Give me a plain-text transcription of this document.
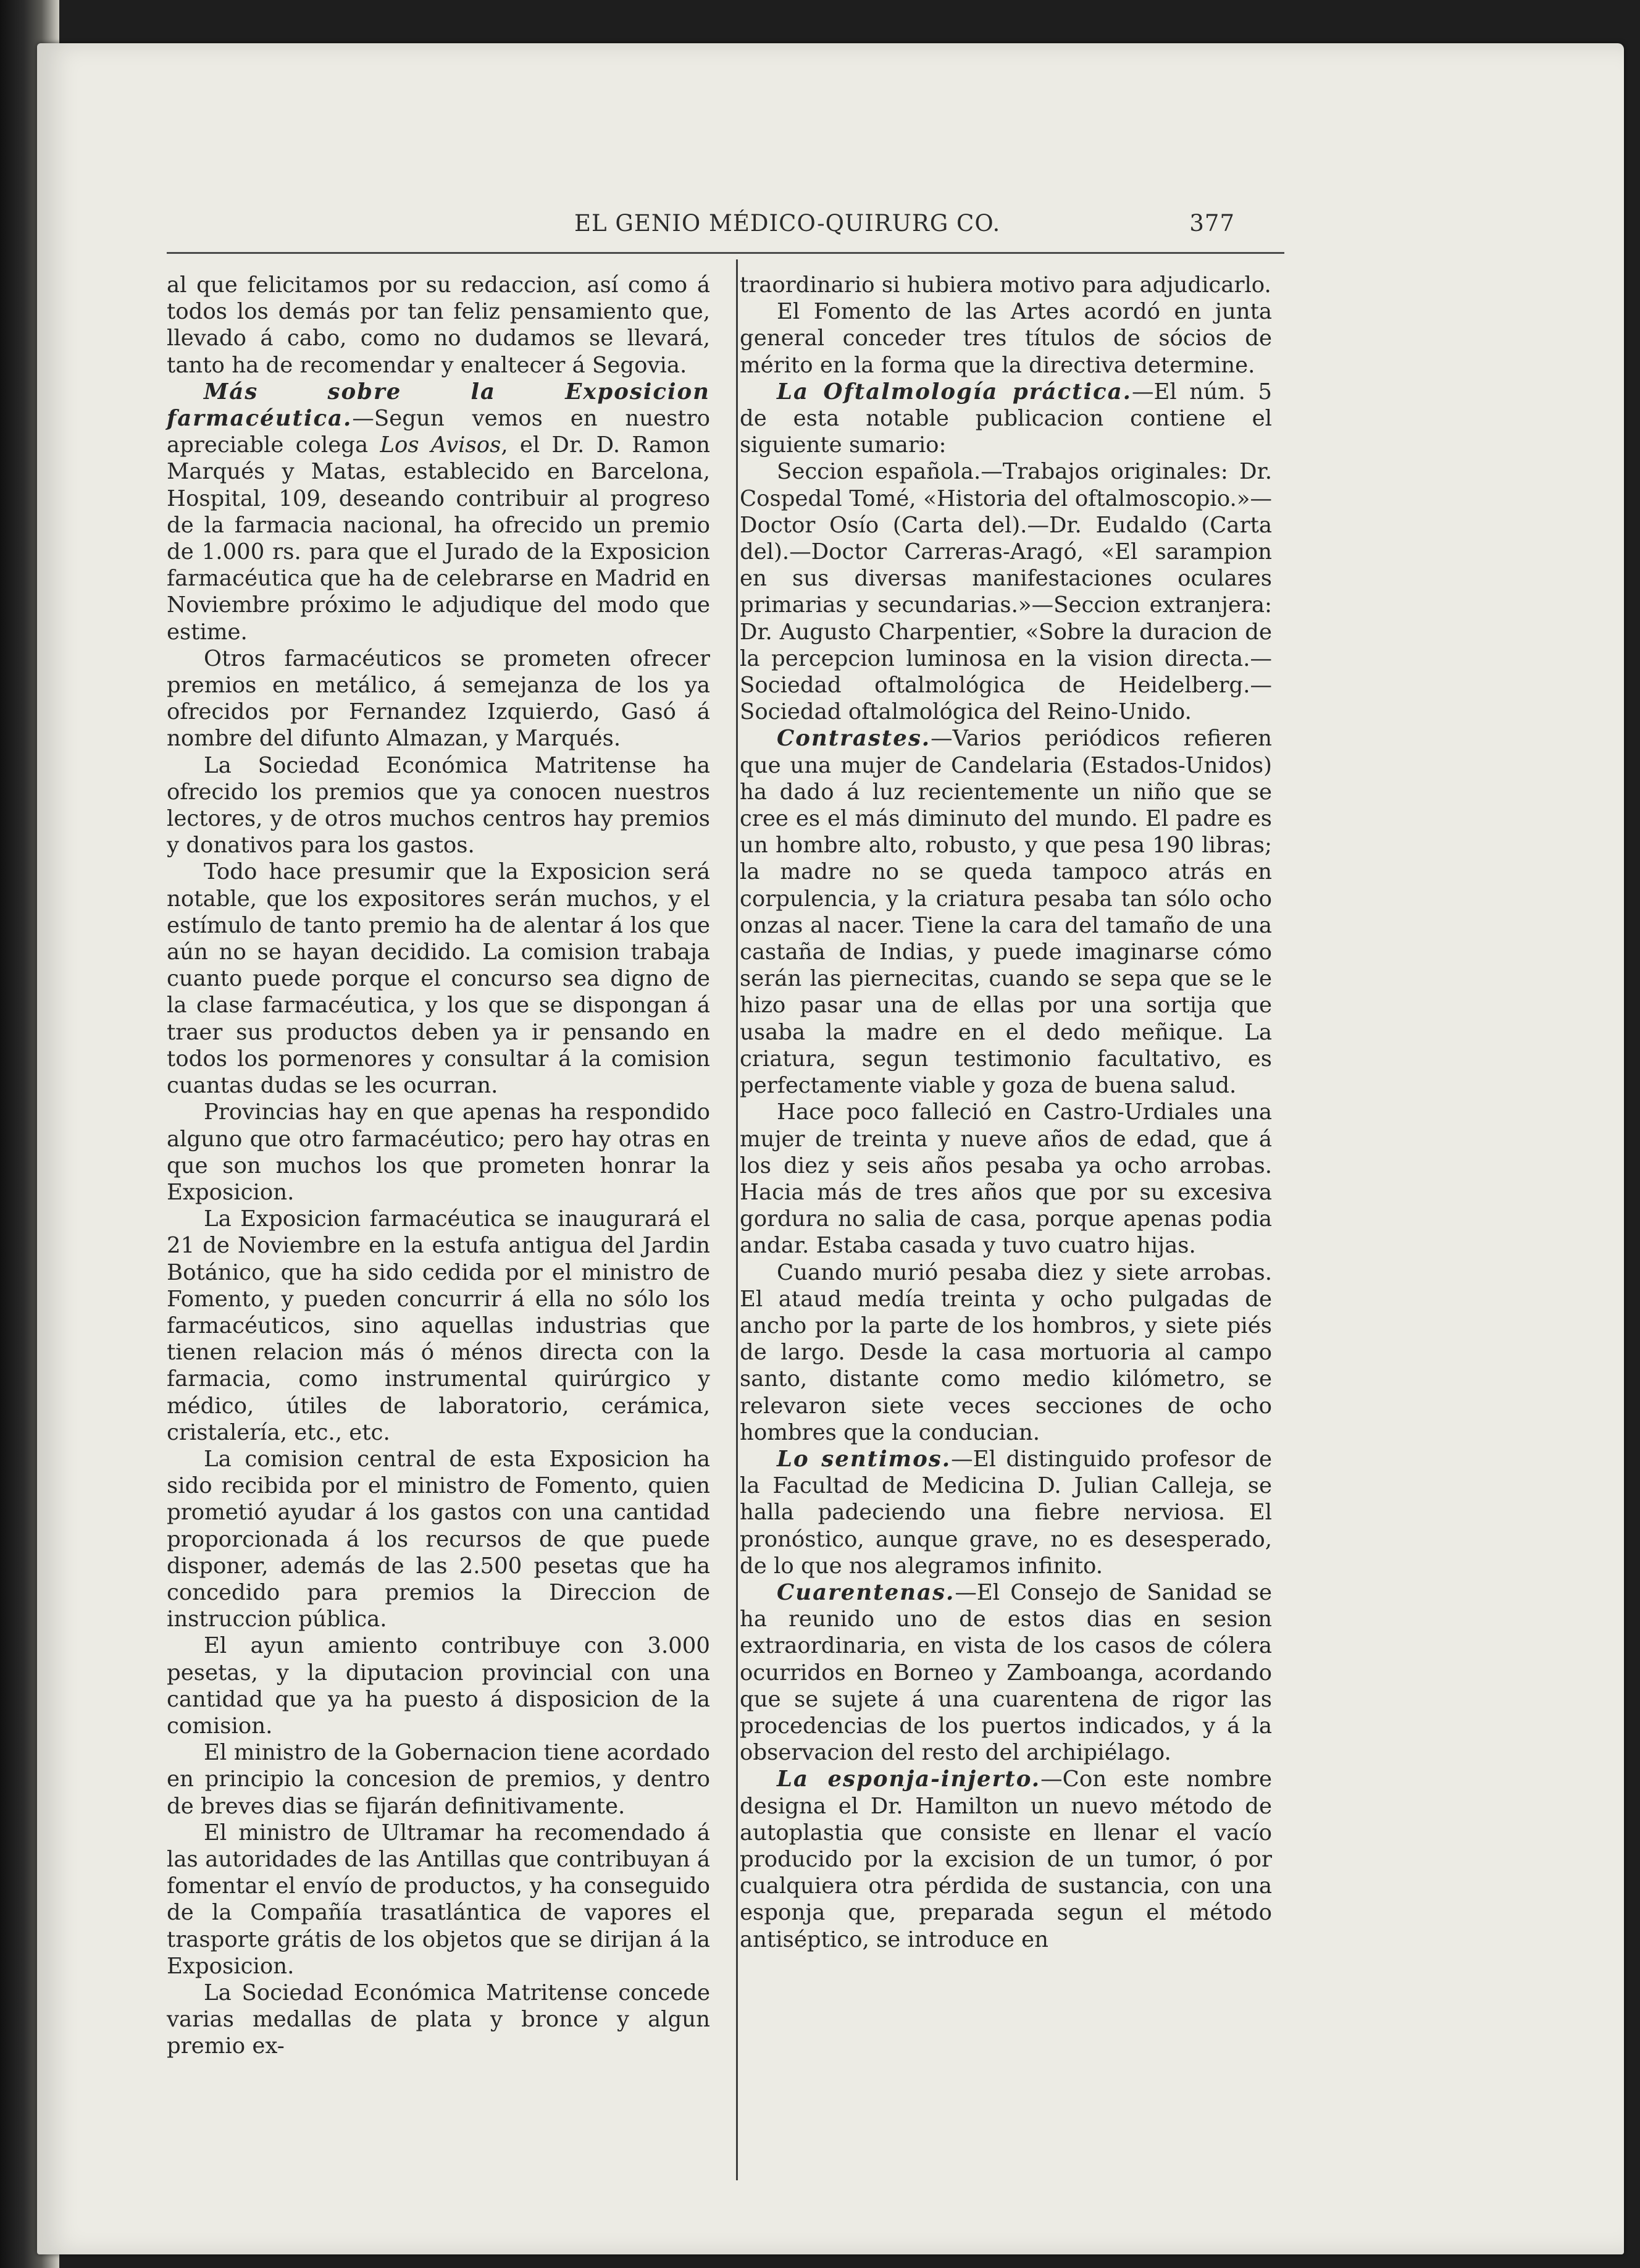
EL GENIO MÉDICO-QUIRURG CO.	377

al que felicitamos por su redaccion, así como á todos los demás por tan feliz pensamiento que, llevado á cabo, como no dudamos se llevará, tanto ha de recomendar y enaltecer á Segovia.

Más sobre la Exposicion farmacéutica.—Segun vemos en nuestro apreciable colega Los Avisos, el Dr. D. Ramon Marqués y Matas, establecido en Barcelona, Hospital, 109, deseando contribuir al progreso de la farmacia nacional, ha ofrecido un premio de 1.000 rs. para que el Jurado de la Exposicion farmacéutica que ha de celebrarse en Madrid en Noviembre próximo le adjudique del modo que estime.

Otros farmacéuticos se prometen ofrecer premios en metálico, á semejanza de los ya ofrecidos por Fernandez Izquierdo, Gasó á nombre del difunto Almazan, y Marqués.

La Sociedad Económica Matritense ha ofrecido los premios que ya conocen nuestros lectores, y de otros muchos centros hay premios y donativos para los gastos.

Todo hace presumir que la Exposicion será notable, que los expositores serán muchos, y el estímulo de tanto premio ha de alentar á los que aún no se hayan decidido. La comision trabaja cuanto puede porque el concurso sea digno de la clase farmacéutica, y los que se dispongan á traer sus productos deben ya ir pensando en todos los pormenores y consultar á la comision cuantas dudas se les ocurran.

Provincias hay en que apenas ha respondido alguno que otro farmacéutico; pero hay otras en que son muchos los que prometen honrar la Exposicion.

La Exposicion farmacéutica se inaugurará el 21 de Noviembre en la estufa antigua del Jardin Botánico, que ha sido cedida por el ministro de Fomento, y pueden concurrir á ella no sólo los farmacéuticos, sino aquellas industrias que tienen relacion más ó ménos directa con la farmacia, como instrumental quirúrgico y médico, útiles de laboratorio, cerámica, cristalería, etc., etc.

La comision central de esta Exposicion ha sido recibida por el ministro de Fomento, quien prometió ayudar á los gastos con una cantidad proporcionada á los recursos de que puede disponer, además de las 2.500 pesetas que ha concedido para premios la Direccion de instruccion pública.

El ayun amiento contribuye con 3.000 pesetas, y la diputacion provincial con una cantidad que ya ha puesto á disposicion de la comision.

El ministro de la Gobernacion tiene acordado en principio la concesion de premios, y dentro de breves dias se fijarán definitivamente.

El ministro de Ultramar ha recomendado á las autoridades de las Antillas que contribuyan á fomentar el envío de productos, y ha conseguido de la Compañía trasatlántica de vapores el trasporte grátis de los objetos que se dirijan á la Exposicion.

La Sociedad Económica Matritense concede varias medallas de plata y bronce y algun premio ex-

traordinario si hubiera motivo para adjudicarlo.

El Fomento de las Artes acordó en junta general conceder tres títulos de sócios de mérito en la forma que la directiva determine.

La Oftalmología práctica.—El núm. 5 de esta notable publicacion contiene el siguiente sumario:

Seccion española.—Trabajos originales: Dr. Cospedal Tomé, «Historia del oftalmoscopio.»—Doctor Osío (Carta del).—Dr. Eudaldo (Carta del).—Doctor Carreras-Aragó, «El sarampion en sus diversas manifestaciones oculares primarias y secundarias.»—Seccion extranjera: Dr. Augusto Charpentier, «Sobre la duracion de la percepcion luminosa en la vision directa.—Sociedad oftalmológica de Heidelberg.—Sociedad oftalmológica del Reino-Unido.

Contrastes.—Varios periódicos refieren que una mujer de Candelaria (Estados-Unidos) ha dado á luz recientemente un niño que se cree es el más diminuto del mundo. El padre es un hombre alto, robusto, y que pesa 190 libras; la madre no se queda tampoco atrás en corpulencia, y la criatura pesaba tan sólo ocho onzas al nacer. Tiene la cara del tamaño de una castaña de Indias, y puede imaginarse cómo serán las piernecitas, cuando se sepa que se le hizo pasar una de ellas por una sortija que usaba la madre en el dedo meñique. La criatura, segun testimonio facultativo, es perfectamente viable y goza de buena salud.

Hace poco falleció en Castro-Urdiales una mujer de treinta y nueve años de edad, que á los diez y seis años pesaba ya ocho arrobas. Hacia más de tres años que por su excesiva gordura no salia de casa, porque apenas podia andar. Estaba casada y tuvo cuatro hijas.

Cuando murió pesaba diez y siete arrobas. El ataud medía treinta y ocho pulgadas de ancho por la parte de los hombros, y siete piés de largo. Desde la casa mortuoria al campo santo, distante como medio kilómetro, se relevaron siete veces secciones de ocho hombres que la conducian.

Lo sentimos.—El distinguido profesor de la Facultad de Medicina D. Julian Calleja, se halla padeciendo una fiebre nerviosa. El pronóstico, aunque grave, no es desesperado, de lo que nos alegramos infinito.

Cuarentenas.—El Consejo de Sanidad se ha reunido uno de estos dias en sesion extraordinaria, en vista de los casos de cólera ocurridos en Borneo y Zamboanga, acordando que se sujete á una cuarentena de rigor las procedencias de los puertos indicados, y á la observacion del resto del archipiélago.

La esponja-injerto.—Con este nombre designa el Dr. Hamilton un nuevo método de autoplastia que consiste en llenar el vacío producido por la excision de un tumor, ó por cualquiera otra pérdida de sustancia, con una esponja que, preparada segun el método antiséptico, se introduce en
